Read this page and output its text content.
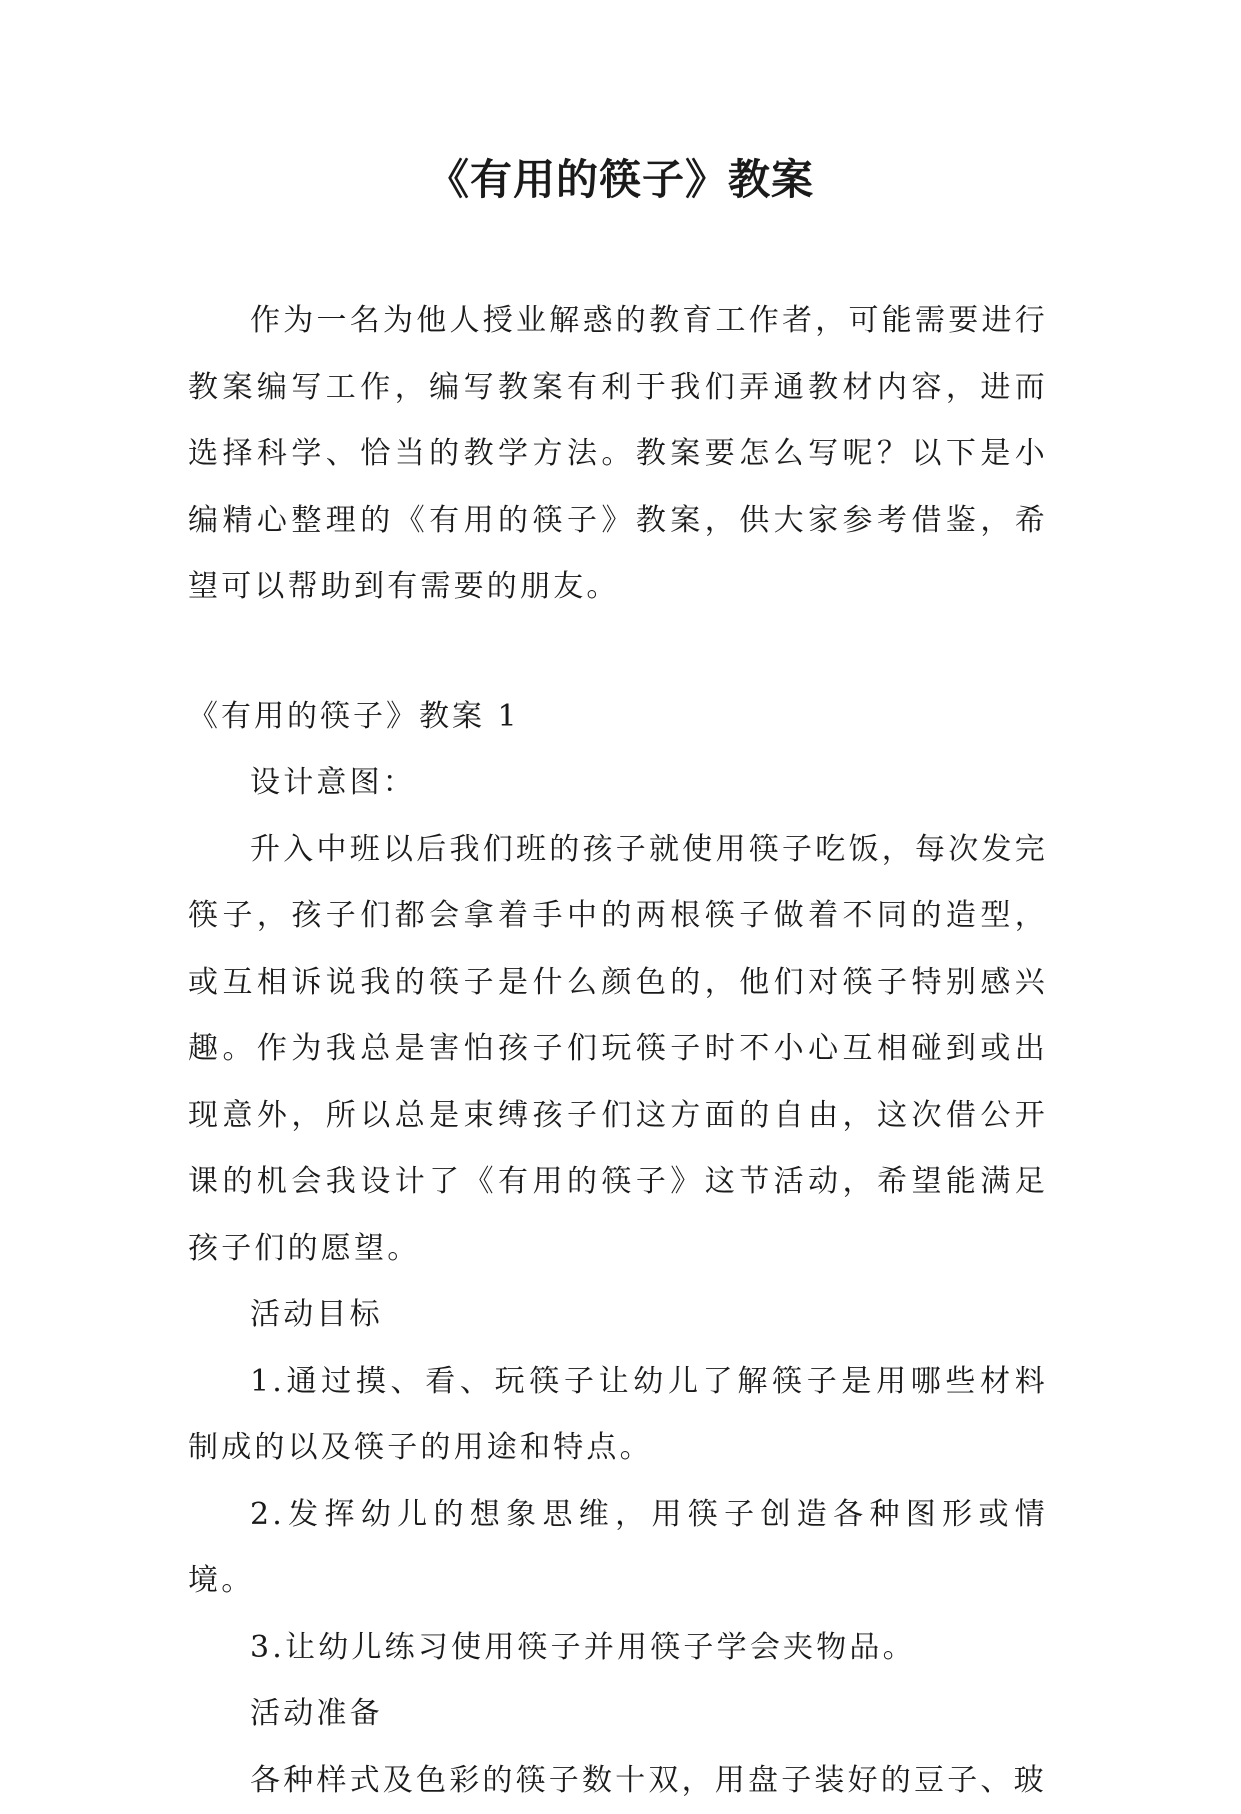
《有用的筷子》教案

作为一名为他人授业解惑的教育工作者，可能需要进行教案编写工作，编写教案有利于我们弄通教材内容，进而选择科学、恰当的教学方法。教案要怎么写呢？以下是小编精心整理的《有用的筷子》教案，供大家参考借鉴，希望可以帮助到有需要的朋友。

《有用的筷子》教案 1

设计意图：

升入中班以后我们班的孩子就使用筷子吃饭，每次发完筷子，孩子们都会拿着手中的两根筷子做着不同的造型，或互相诉说我的筷子是什么颜色的，他们对筷子特别感兴趣。作为我总是害怕孩子们玩筷子时不小心互相碰到或出现意外，所以总是束缚孩子们这方面的自由，这次借公开课的机会我设计了《有用的筷子》这节活动，希望能满足孩子们的愿望。

活动目标

1.通过摸、看、玩筷子让幼儿了解筷子是用哪些材料制成的以及筷子的用途和特点。

2.发挥幼儿的想象思维，用筷子创造各种图形或情境。

3.让幼儿练习使用筷子并用筷子学会夹物品。

活动准备

各种样式及色彩的筷子数十双，用盘子装好的豆子、玻
